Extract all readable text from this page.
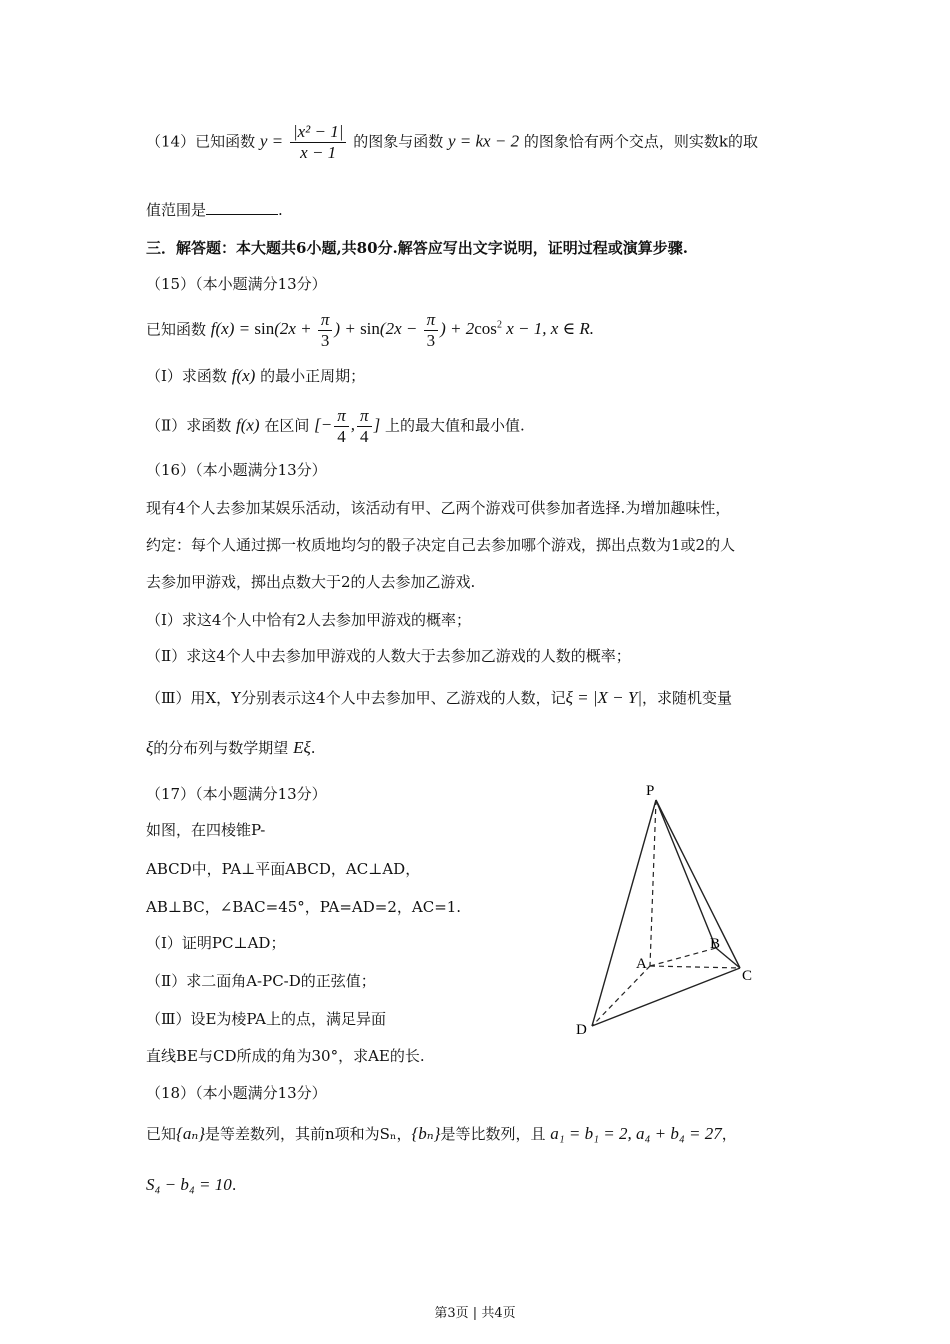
（14）已知函数 $y = \frac{\text{|x² − 1|}}{x - 1}$ 的图象与函数 y = kx − 2 的图象恰有两个交点，则实数k的取
值范围是	.
三．解答题：本大题共6小题,共80分.解答应写出文字说明，证明过程或演算步骤.
（15）（本小题满分13分）
已知函数 $f(x) = \sin(2x + \frac{\pi}{3}$ ) + $\sin(2x - \frac{\pi}{3}$ ) + $2\cos^2$ x − 1, x ∈ R.
（Ⅰ）求函数 f(x) 的最小正周期；
（Ⅱ）求函数 f(x) 在区间 [− $\frac{\pi}{4}$ , $\frac{\pi}{4}$ ] 上的最大值和最小值.
（16）（本小题满分13分）
现有4个人去参加某娱乐活动，该活动有甲、乙两个游戏可供参加者选择.为增加趣味性，
约定：每个人通过掷一枚质地均匀的骰子决定自己去参加哪个游戏，掷出点数为1或2的人
去参加甲游戏，掷出点数大于2的人去参加乙游戏.
（Ⅰ）求这4个人中恰有2人去参加甲游戏的概率；
（Ⅱ）求这4个人中去参加甲游戏的人数大于去参加乙游戏的人数的概率；
（Ⅲ）用X，Y分别表示这4个人中去参加甲、乙游戏的人数，记ξ = |X − Y|，求随机变量
ξ的分布列与数学期望 Eξ.
（17）（本小题满分13分）
如图，在四棱锥P-
ABCD中，PA⊥平面ABCD，AC⊥AD，
AB⊥BC，∠BAC=45°，PA=AD=2，AC=1.
（Ⅰ）证明PC⊥AD；
（Ⅱ）求二面角A-PC-D的正弦值；
（Ⅲ）设E为棱PA上的点，满足异面
直线BE与CD所成的角为30°，求AE的长.
P
A
B
C
D
（18）（本小题满分13分）
已知{aₙ}是等差数列，其前n项和为Sₙ，{bₙ}是等比数列，且 a₁ = b₁ = 2, a₄ + b₄ = 27，
S₄ − b₄ = 10.
第3页 | 共4页
